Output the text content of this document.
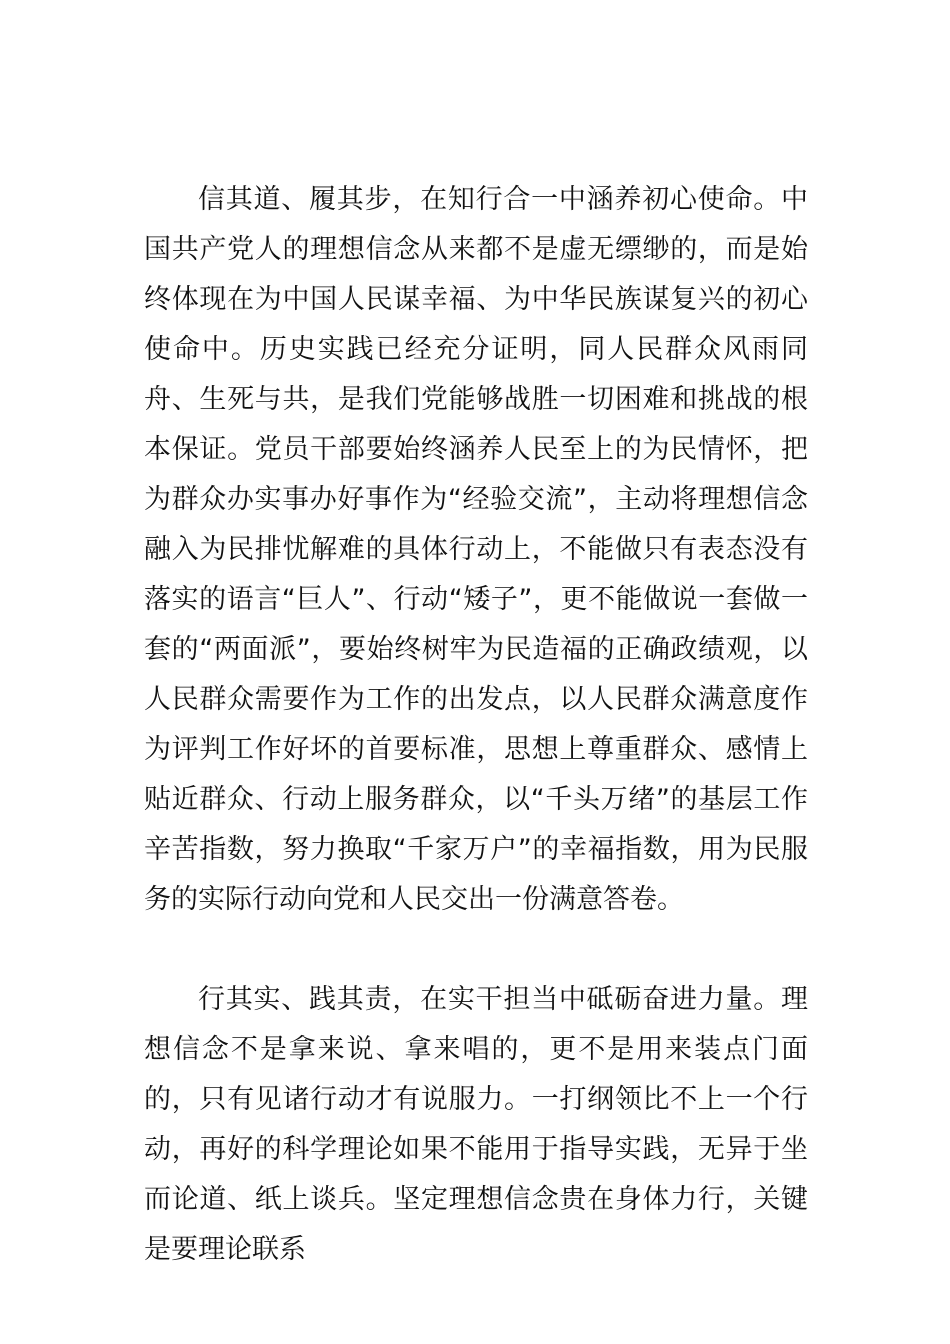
信其道、履其步，在知行合一中涵养初心使命。中国共产党人的理想信念从来都不是虚无缥缈的，而是始终体现在为中国人民谋幸福、为中华民族谋复兴的初心使命中。历史实践已经充分证明，同人民群众风雨同舟、生死与共，是我们党能够战胜一切困难和挑战的根本保证。党员干部要始终涵养人民至上的为民情怀，把为群众办实事办好事作为“经验交流”，主动将理想信念融入为民排忧解难的具体行动上，不能做只有表态没有落实的语言“巨人”、行动“矮子”，更不能做说一套做一套的“两面派”，要始终树牢为民造福的正确政绩观，以人民群众需要作为工作的出发点，以人民群众满意度作为评判工作好坏的首要标准，思想上尊重群众、感情上贴近群众、行动上服务群众，以“千头万绪”的基层工作辛苦指数，努力换取“千家万户”的幸福指数，用为民服务的实际行动向党和人民交出一份满意答卷。

行其实、践其责，在实干担当中砥砺奋进力量。理想信念不是拿来说、拿来唱的，更不是用来装点门面的，只有见诸行动才有说服力。一打纲领比不上一个行动，再好的科学理论如果不能用于指导实践，无异于坐而论道、纸上谈兵。坚定理想信念贵在身体力行，关键是要理论联系
